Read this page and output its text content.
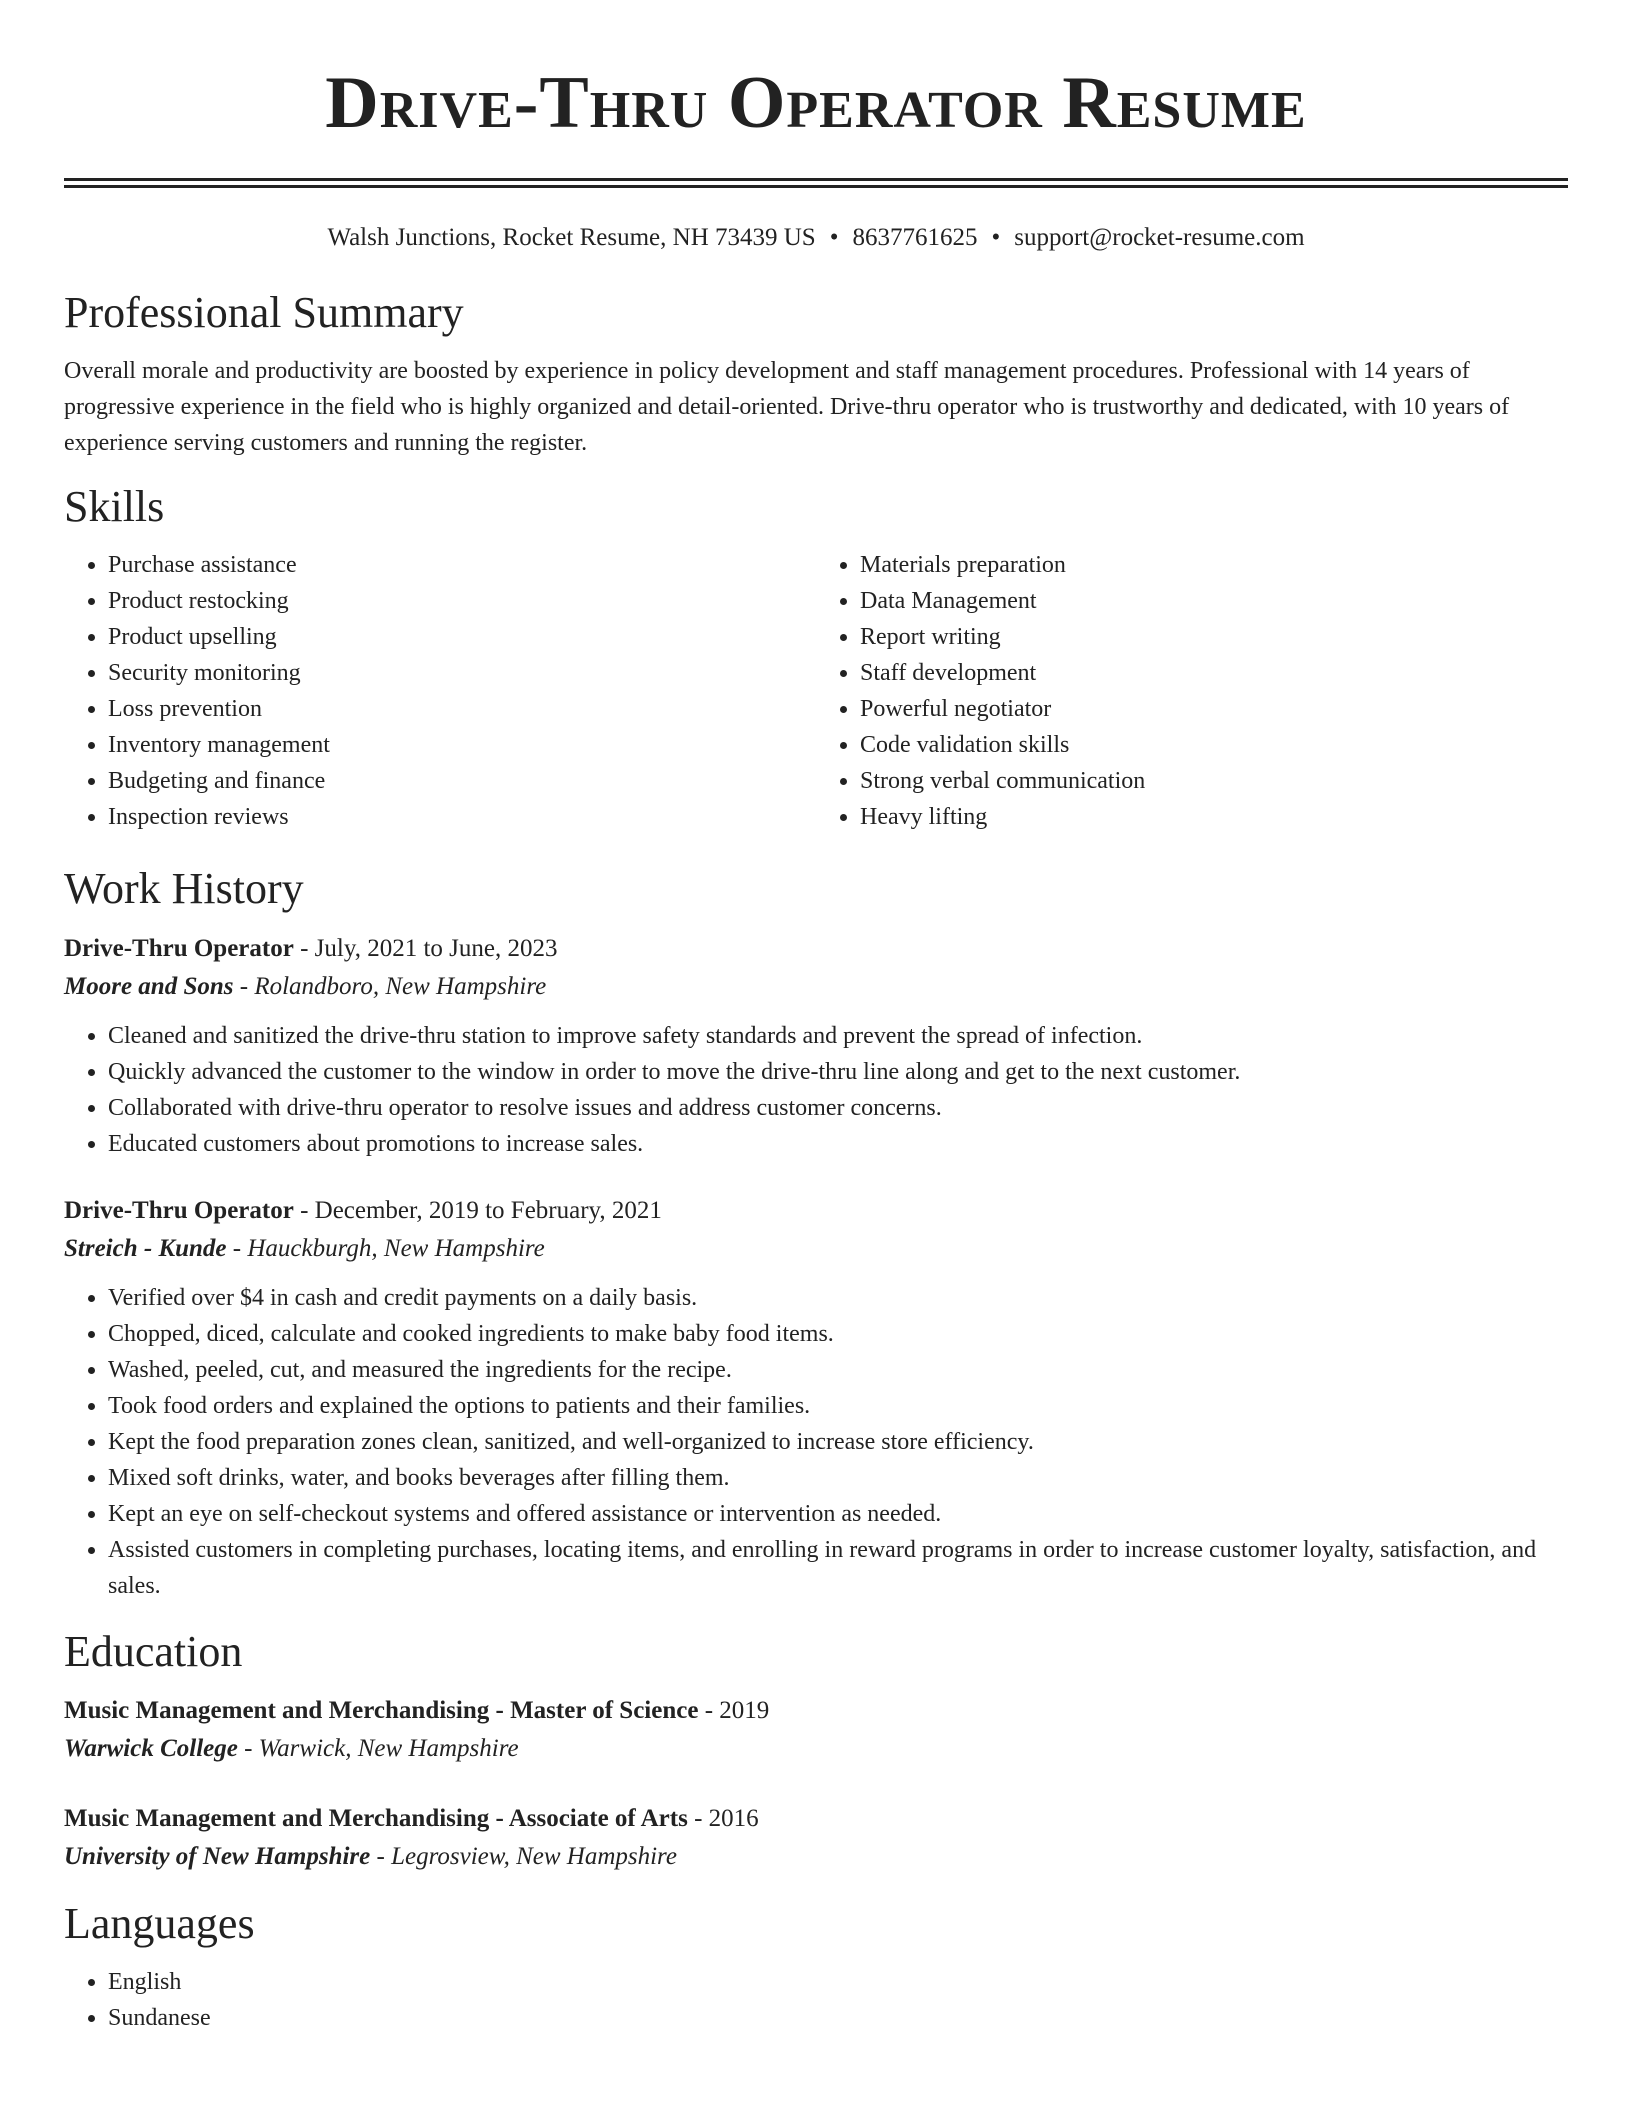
Drive-Thru Operator Resume
Walsh Junctions, Rocket Resume, NH 73439 US • 8637761625 • support@rocket-resume.com
Professional Summary

Overall morale and productivity are boosted by experience in policy development and staff management procedures. Professional with 14 years of progressive experience in the field who is highly organized and detail-oriented. Drive-thru operator who is trustworthy and dedicated, with 10 years of experience serving customers and running the register.

Skills
• Purchase assistance
• Product restocking
• Product upselling
• Security monitoring
• Loss prevention
• Inventory management
• Budgeting and finance
• Inspection reviews
• Materials preparation
• Data Management
• Report writing
• Staff development
• Powerful negotiator
• Code validation skills
• Strong verbal communication
• Heavy lifting
Work History
Drive-Thru Operator - July, 2021 to June, 2023
Moore and Sons - Rolandboro, New Hampshire
• Cleaned and sanitized the drive-thru station to improve safety standards and prevent the spread of infection.
• Quickly advanced the customer to the window in order to move the drive-thru line along and get to the next customer.
• Collaborated with drive-thru operator to resolve issues and address customer concerns.
• Educated customers about promotions to increase sales.
Drive-Thru Operator - December, 2019 to February, 2021
Streich - Kunde - Hauckburgh, New Hampshire
• Verified over $4 in cash and credit payments on a daily basis.
• Chopped, diced, calculate and cooked ingredients to make baby food items.
• Washed, peeled, cut, and measured the ingredients for the recipe.
• Took food orders and explained the options to patients and their families.
• Kept the food preparation zones clean, sanitized, and well-organized to increase store efficiency.
• Mixed soft drinks, water, and books beverages after filling them.
• Kept an eye on self-checkout systems and offered assistance or intervention as needed.
• Assisted customers in completing purchases, locating items, and enrolling in reward programs in order to increase customer loyalty, satisfaction, and sales.
Education
Music Management and Merchandising - Master of Science - 2019
Warwick College - Warwick, New Hampshire
Music Management and Merchandising - Associate of Arts - 2016
University of New Hampshire - Legrosview, New Hampshire
Languages
• English
• Sundanese
